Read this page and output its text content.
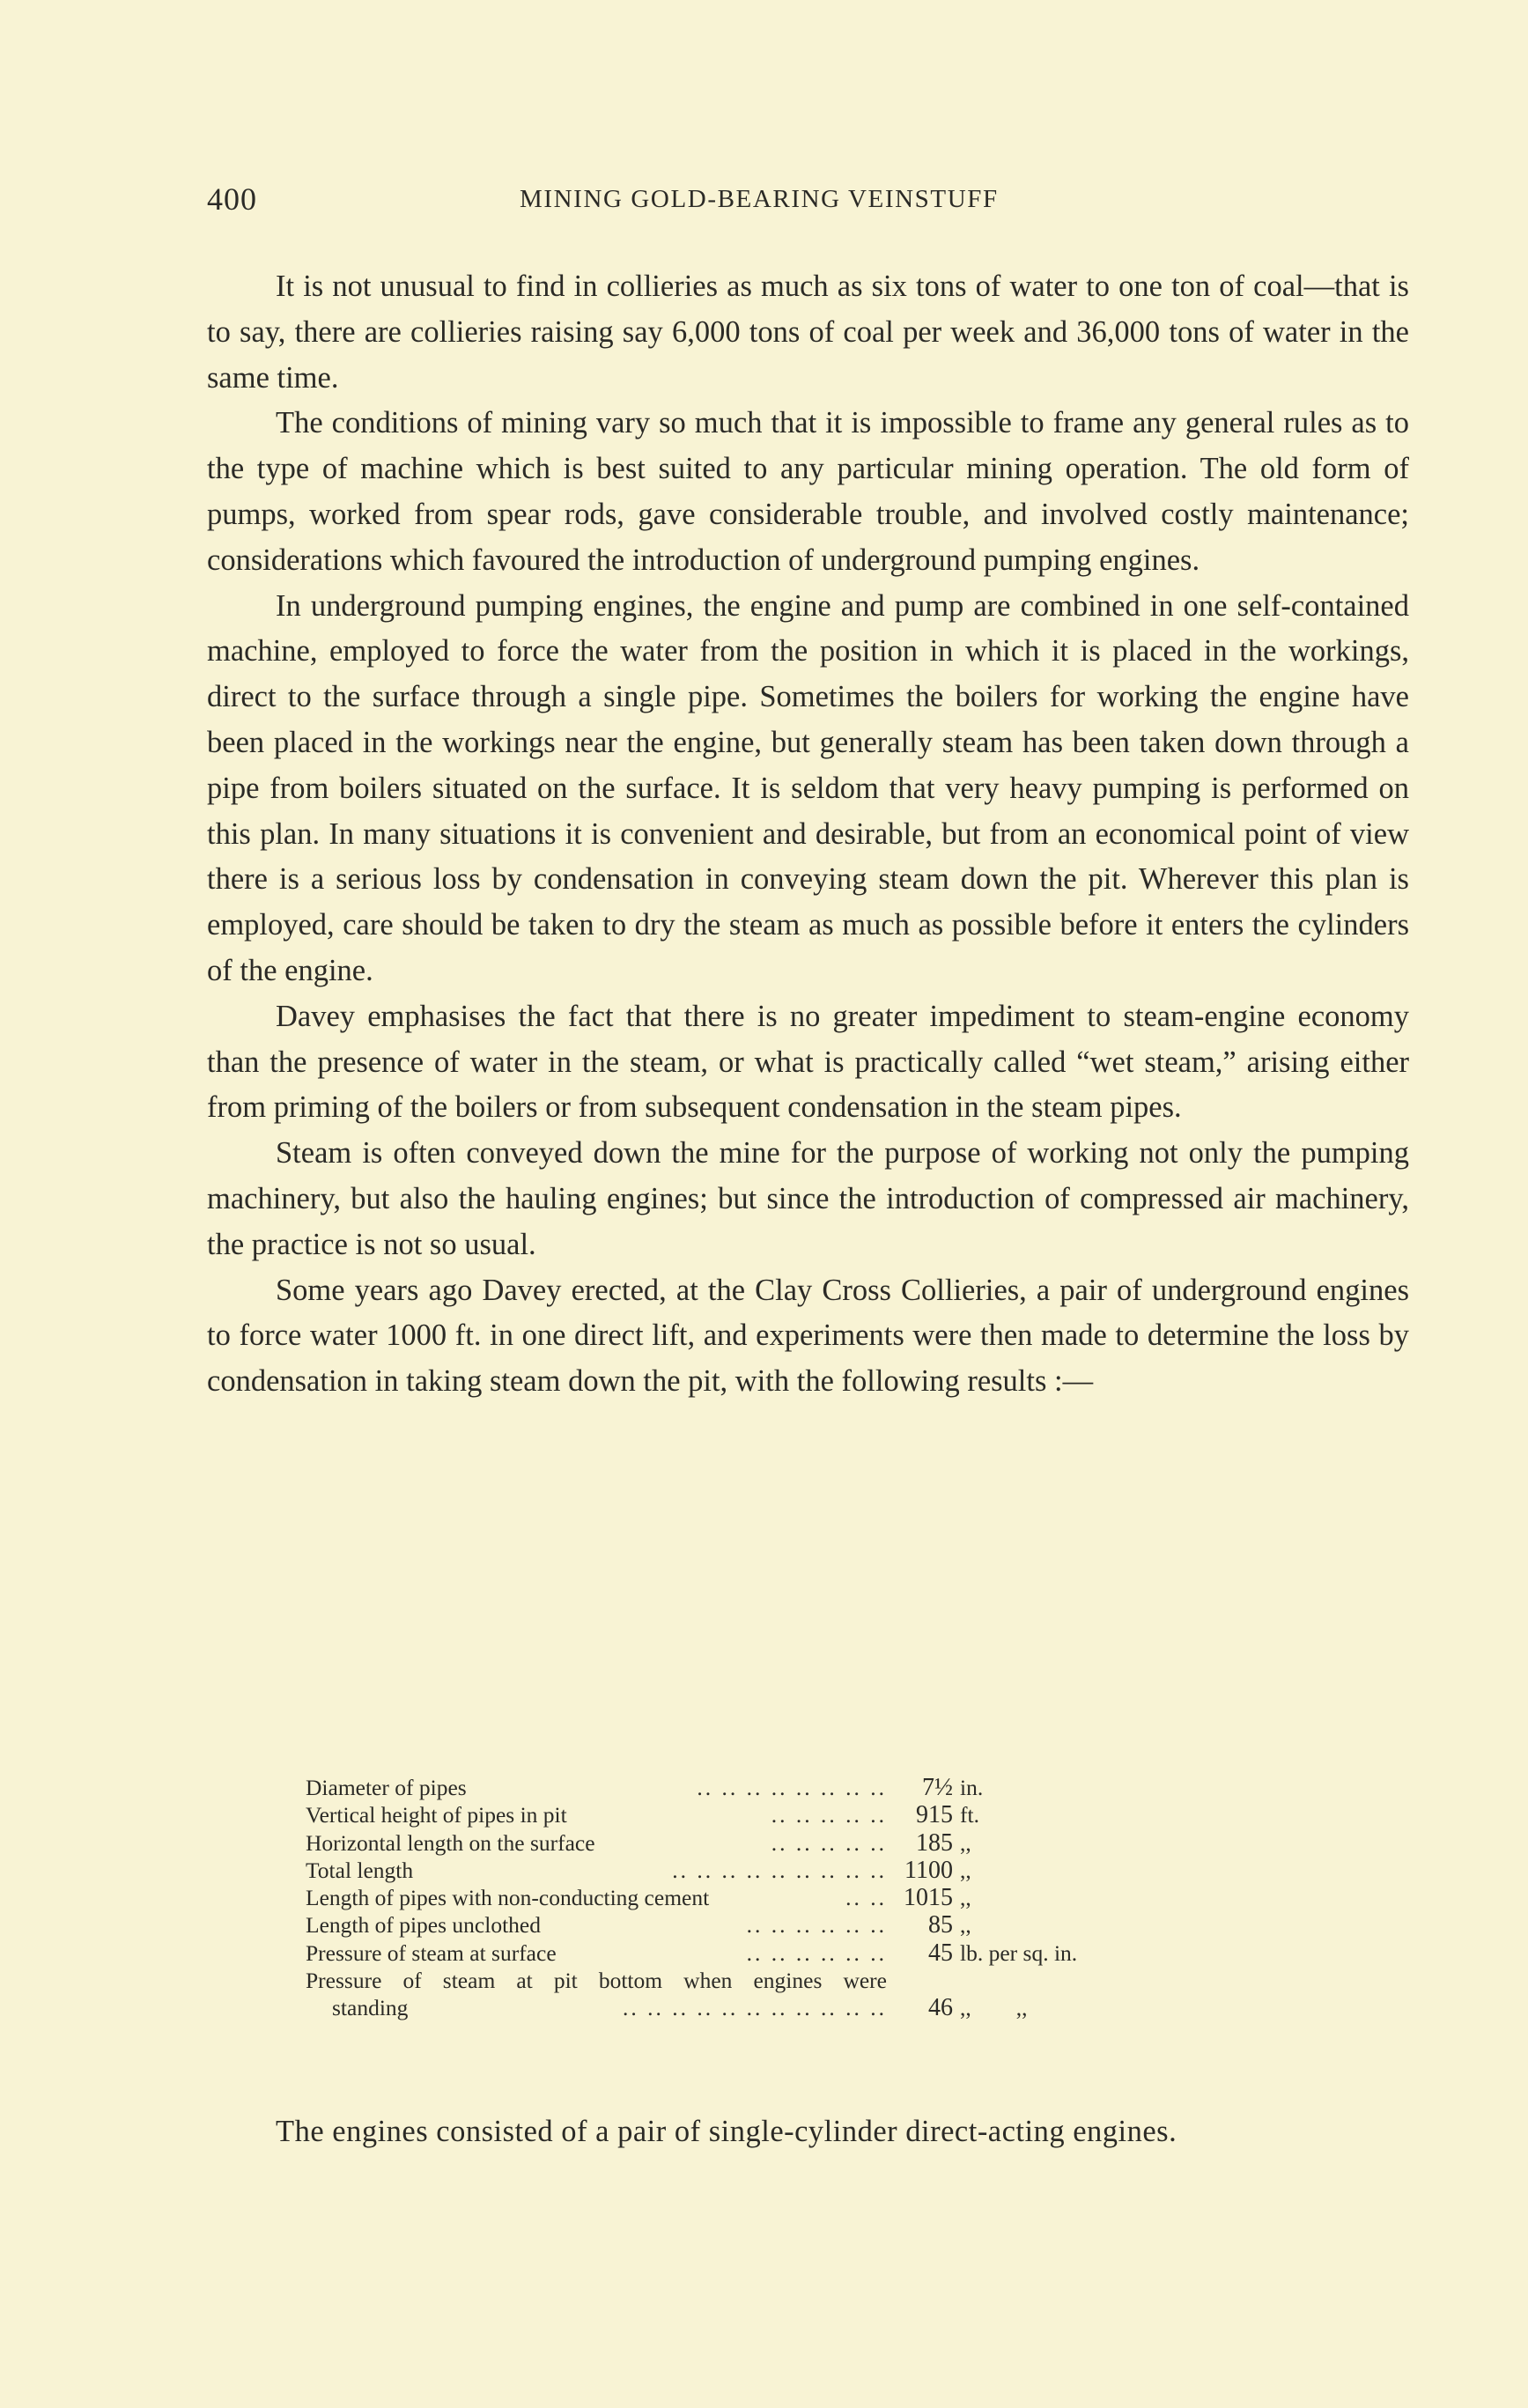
400	MINING GOLD-BEARING VEINSTUFF

It is not unusual to find in collieries as much as six tons of water to one ton of coal—that is to say, there are collieries raising say 6,000 tons of coal per week and 36,000 tons of water in the same time.

The conditions of mining vary so much that it is impossible to frame any general rules as to the type of machine which is best suited to any particular mining operation. The old form of pumps, worked from spear rods, gave considerable trouble, and involved costly maintenance; considerations which favoured the introduction of underground pumping engines.

In underground pumping engines, the engine and pump are combined in one self-contained machine, employed to force the water from the position in which it is placed in the workings, direct to the surface through a single pipe. Sometimes the boilers for working the engine have been placed in the workings near the engine, but generally steam has been taken down through a pipe from boilers situated on the surface. It is seldom that very heavy pumping is performed on this plan. In many situations it is convenient and desirable, but from an economical point of view there is a serious loss by condensation in conveying steam down the pit. Wherever this plan is employed, care should be taken to dry the steam as much as possible before it enters the cylinders of the engine.

Davey emphasises the fact that there is no greater impediment to steam-engine economy than the presence of water in the steam, or what is practically called “wet steam,” arising either from priming of the boilers or from subsequent condensation in the steam pipes.

Steam is often conveyed down the mine for the purpose of working not only the pumping machinery, but also the hauling engines; but since the introduction of compressed air machinery, the practice is not so usual.

Some years ago Davey erected, at the Clay Cross Collieries, a pair of underground engines to force water 1000 ft. in one direct lift, and experiments were then made to determine the loss by condensation in taking steam down the pit, with the following results :—

Diameter of pipes	.. .. .. .. .. .. .. ..	7½ in.
Vertical height of pipes in pit	.. .. .. .. ..	915 ft.
Horizontal length on the surface	.. .. .. .. ..	185 ,,
Total length	.. .. .. .. .. .. .. .. .. 1100 ,,
Length of pipes with non-conducting cement	.. .. 1015 ,,
Length of pipes unclothed	.. .. .. .. .. ..	85 ,,
Pressure of steam at surface	.. .. .. .. .. ..	45 lb. per sq. in.
Pressure of steam at pit bottom when engines were
standing	.. .. .. .. .. .. .. .. .. .. ..	46 ,,        ,,

The engines consisted of a pair of single-cylinder direct-acting engines.
